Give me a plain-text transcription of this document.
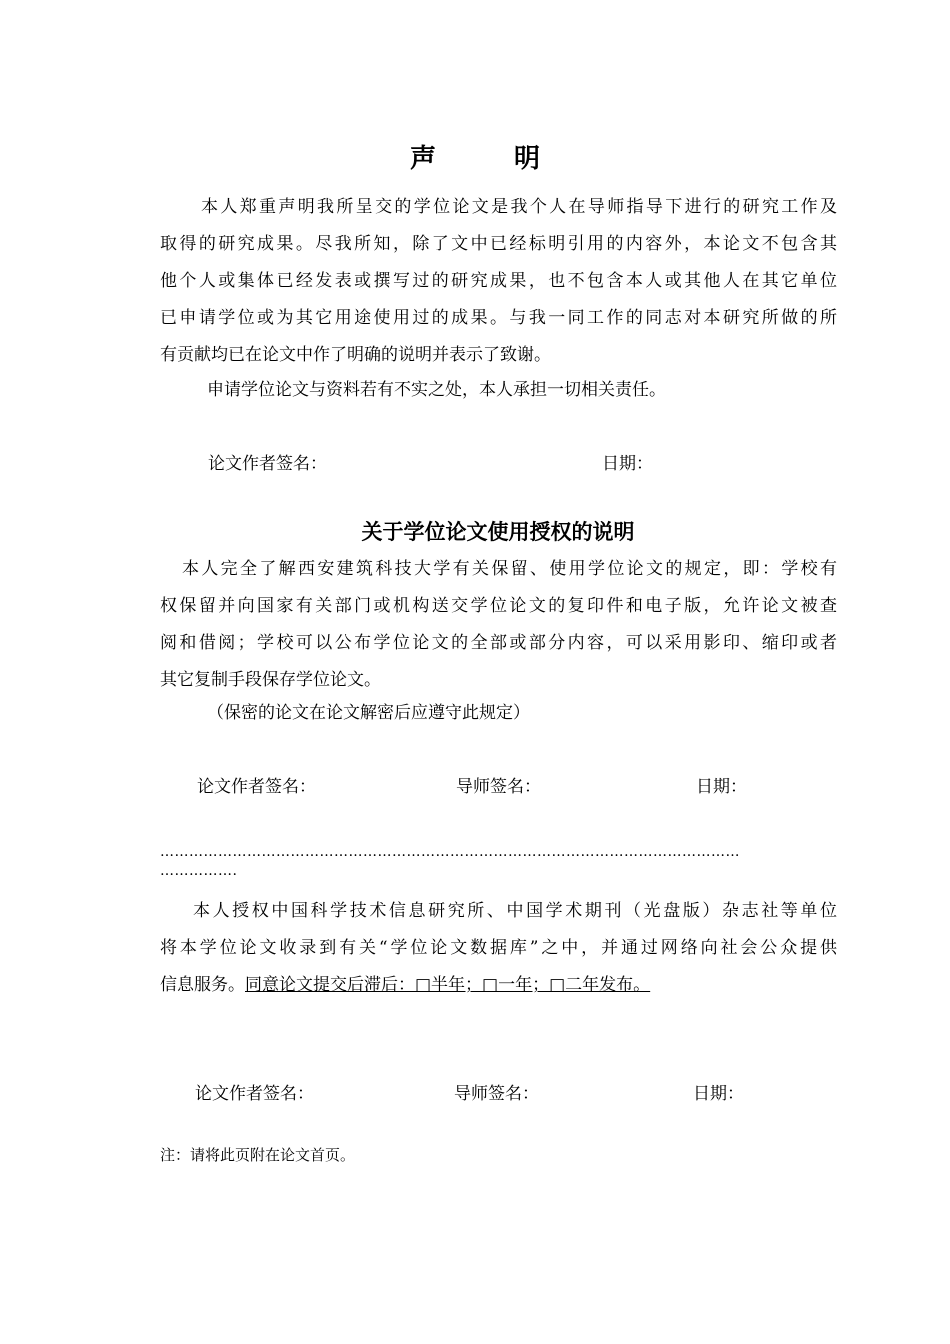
声	明
本人郑重声明我所呈交的学位论文是我个人在导师指导下进行的研究工作及
取得的研究成果。尽我所知，除了文中已经标明引用的内容外，本论文不包含其
他个人或集体已经发表或撰写过的研究成果，也不包含本人或其他人在其它单位
已申请学位或为其它用途使用过的成果。与我一同工作的同志对本研究所做的所
有贡献均已在论文中作了明确的说明并表示了致谢。
申请学位论文与资料若有不实之处，本人承担一切相关责任。
论文作者签名：	日期：
关于学位论文使用授权的说明
本人完全了解西安建筑科技大学有关保留、使用学位论文的规定，即：学校有
权保留并向国家有关部门或机构送交学位论文的复印件和电子版，允许论文被查
阅和借阅；学校可以公布学位论文的全部或部分内容，可以采用影印、缩印或者
其它复制手段保存学位论文。
（保密的论文在论文解密后应遵守此规定）
论文作者签名：	导师签名：	日期：
…………………………………………………………………………………………………………
…………….
本人授权中国科学技术信息研究所、中国学术期刊（光盘版）杂志社等单位
将本学位论文收录到有关“学位论文数据库”之中，并通过网络向社会公众提供
信息服务。同意论文提交后滞后：□半年；□一年；□二年发布。
论文作者签名：	导师签名：	日期：
注：请将此页附在论文首页。
